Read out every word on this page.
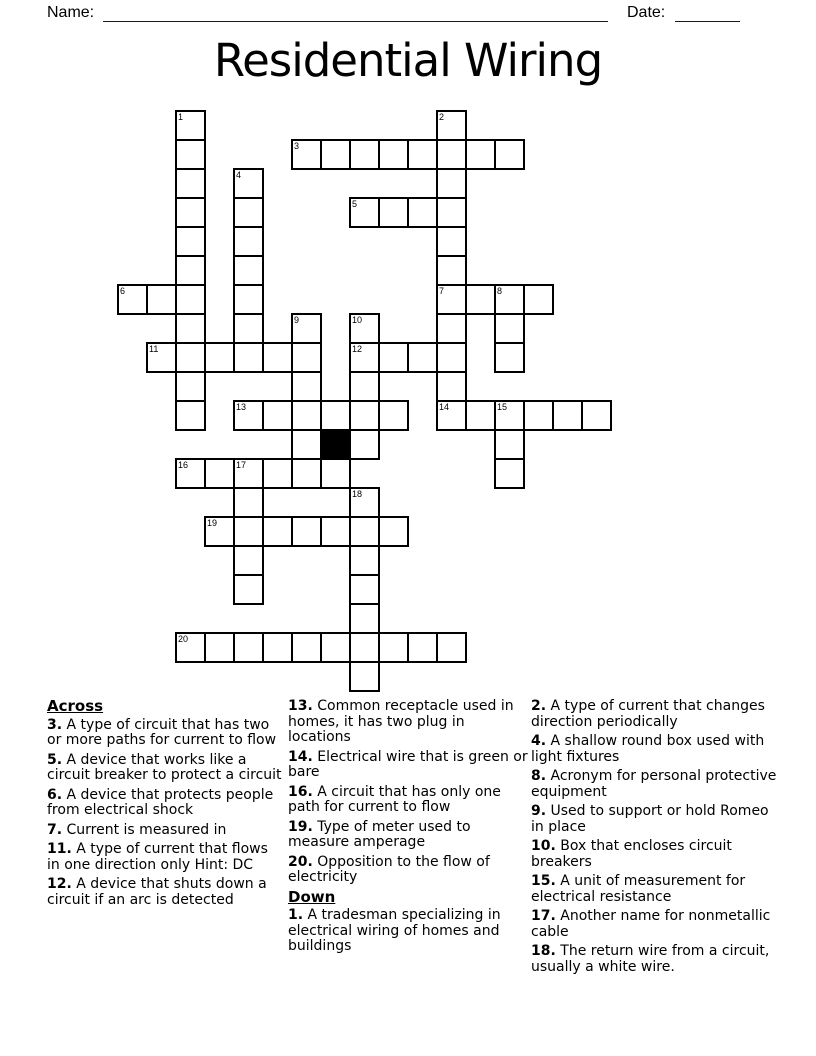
Name:	Date:
Residential Wiring
1	2
3
4
5
6	7	8
9	10
11	12
13	14	15
16	17
18
19
20
Across
3. A type of circuit that has two or more paths for current to flow
5. A device that works like a circuit breaker to protect a circuit
6. A device that protects people from electrical shock
7. Current is measured in
11. A type of current that flows in one direction only Hint: DC
12. A device that shuts down a circuit if an arc is detected
13. Common receptacle used in homes, it has two plug in locations
14. Electrical wire that is green or bare
16. A circuit that has only one path for current to flow
19. Type of meter used to measure amperage
20. Opposition to the flow of electricity
Down
1. A tradesman specializing in electrical wiring of homes and buildings
2. A type of current that changes direction periodically
4. A shallow round box used with light fixtures
8. Acronym for personal protective equipment
9. Used to support or hold Romeo in place
10. Box that encloses circuit breakers
15. A unit of measurement for electrical resistance
17. Another name for nonmetallic cable
18. The return wire from a circuit, usually a white wire.
